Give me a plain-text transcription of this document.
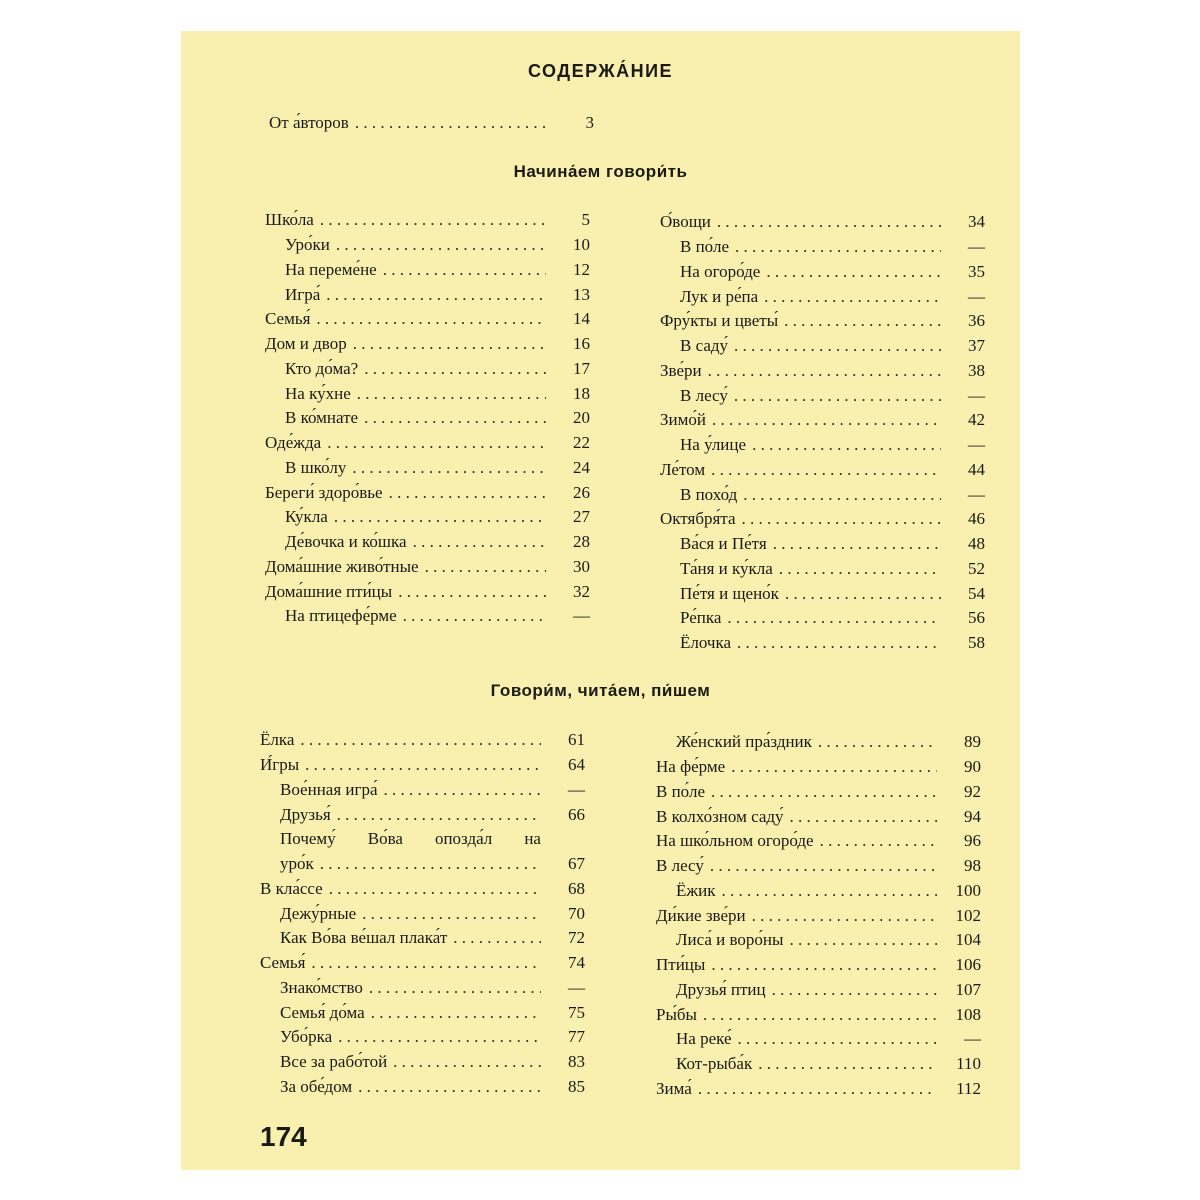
СОДЕРЖА́НИЕ
От а́второв . . .	3
Начина́ем говори́ть
Шко́ла . . .	5
Уро́ки . . .	10
На переме́не . . .	12
Игра́ . . .	13
Семья́ . . .	14
Дом и двор . . .	16
Кто до́ма? . . .	17
На ку́хне . . .	18
В ко́мнате . . .	20
Оде́жда . . .	22
В шко́лу . . .	24
Береги́ здоро́вье . . .	26
Ку́кла . . .	27
Де́вочка и ко́шка . . .	28
Дома́шние живо́тные . . .	30
Дома́шние пти́цы . . .	32
На птицефе́рме . . .	—
О́вощи . . .	34
В по́ле . . .	—
На огоро́де . . .	35
Лук и ре́па . . .	—
Фру́кты и цветы́ . . .	36
В саду́ . . .	37
Зве́ри . . .	38
В лесу́ . . .	—
Зимо́й . . .	42
На у́лице . . .	—
Ле́том . . .	44
В похо́д . . .	—
Октября́та . . .	46
Ва́ся и Пе́тя . . .	48
Та́ня и ку́кла . . .	52
Пе́тя и щено́к . . .	54
Ре́пка . . .	56
Ёлочка . . .	58
Говори́м, чита́ем, пи́шем
Ёлка . . .	61
И́гры . . .	64
Вое́нная игра́ . . .	—
Друзья́ . . .	66
Почему́ Во́ва опозда́л на
уро́к . . .	67
В кла́ссе . . .	68
Дежу́рные . . .	70
Как Во́ва ве́шал плака́т . . .	72
Семья́ . . .	74
Знако́мство . . .	—
Семья́ до́ма . . .	75
Убо́рка . . .	77
Все за рабо́той . . .	83
За обе́дом . . .	85
Же́нский пра́здник . . .	89
На фе́рме . . .	90
В по́ле . . .	92
В колхо́зном саду́ . . .	94
На шко́льном огоро́де . . .	96
В лесу́ . . .	98
Ёжик . . .	100
Ди́кие зве́ри . . .	102
Лиса́ и воро́ны . . .	104
Пти́цы . . .	106
Друзья́ птиц . . .	107
Ры́бы . . .	108
На реке́ . . .	—
Кот-рыба́к . . .	110
Зима́ . . .	112
174
